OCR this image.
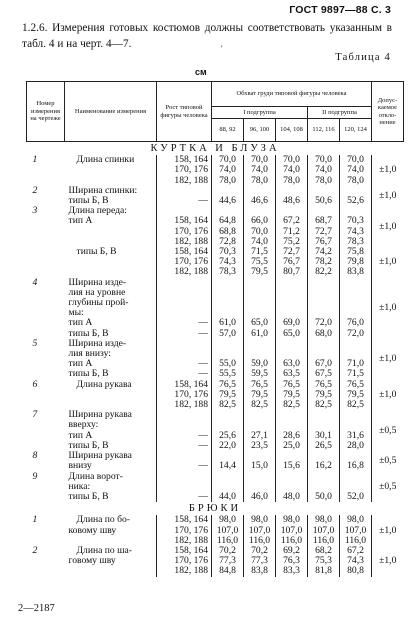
ГОСТ 9897—88 С. 3
1.2.6. Измерения готовых костюмов должны соответствовать указанным в табл. 4 и на черт. 4—7.	ʹ
Таблица 4
см
Номер измерения на чертеже	Наименование измерения	Рост типовой фигуры человека	Обхват груди типовой фигуры человека					Допускаемое отклонение
			I подгруппа			II подгруппа		
			88, 92	96, 100	104, 108	112, 116	120, 124	
КУРТКА И БЛУЗА								
1	Длина спинки	158, 164	70,0	70,0	70,0	70,0	70,0	±1,0
		170, 176	74,0	74,0	74,0	74,0	74,0	
		182, 188	78,0	78,0	78,0	78,0	78,0	
2	Ширина спинки:							±1,0
	типы Б, В	—	44,6	46,6	48,6	50,6	52,6	
3	Длина переда:							±1,0
	тип А	158, 164	64,8	66,0	67,2	68,7	70,3	
		170, 176	68,8	70,0	71,2	72,7	74,3	
		182, 188	72,8	74,0	75,2	76,7	78,3	
	типы Б, В	158, 164	70,3	71,5	72,7	74,2	75,8	±1,0
		170, 176	74,3	75,5	76,7	78,2	79,8	
		182, 188	78,3	79,5	80,7	82,2	83,8	
4	Ширина изде-							±1,0
	лия на уровне							
	глубины прой-							
	мы:							
	тип А	—	61,0	65,0	69,0	72,0	76,0	
	типы Б, В	—	57,0	61,0	65,0	68,0	72,0	
5	Ширина изде-							±1,0
	лия внизу:							
	тип А	—	55,0	59,0	63,0	67,0	71,0	
	типы Б, В	—	55,5	59,5	63,5	67,5	71,5	
6	Длина рукава	158, 164	76,5	76,5	76,5	76,5	76,5	±1,0
		170, 176	79,5	79,5	79,5	79,5	79,5	
		182, 188	82,5	82,5	82,5	82,5	82,5	
7	Ширина рукава							±0,5
	вверху:							
	тип А	—	25,6	27,1	28,6	30,1	31,6	
	типы Б, В	—	22,0	23,5	25,0	26,5	28,0	
8	Ширина рукава							±0,5
	внизу	—	14,4	15,0	15,6	16,2	16,8	
9	Длина ворот-							±0,5
	ника:							
	типы Б, В	—	44,0	46,0	48,0	50,0	52,0	
БРЮКИ								
1	Длина по бо-	158, 164	98,0	98,0	98,0	98,0	98,0	±1,0
	ковому шву	170, 176	107,0	107,0	107,0	107,0	107,0	
		182, 188	116,0	116,0	116,0	116,0	116,0	
2	Длина по ша-	158, 164	70,2	70,2	69,2	68,2	67,2	±1,0
	говому шву	170, 176	77,3	77,3	76,3	75,3	74,3	
		182, 188	84,8	83,8	83,3	81,8	80,8	
2—2187
